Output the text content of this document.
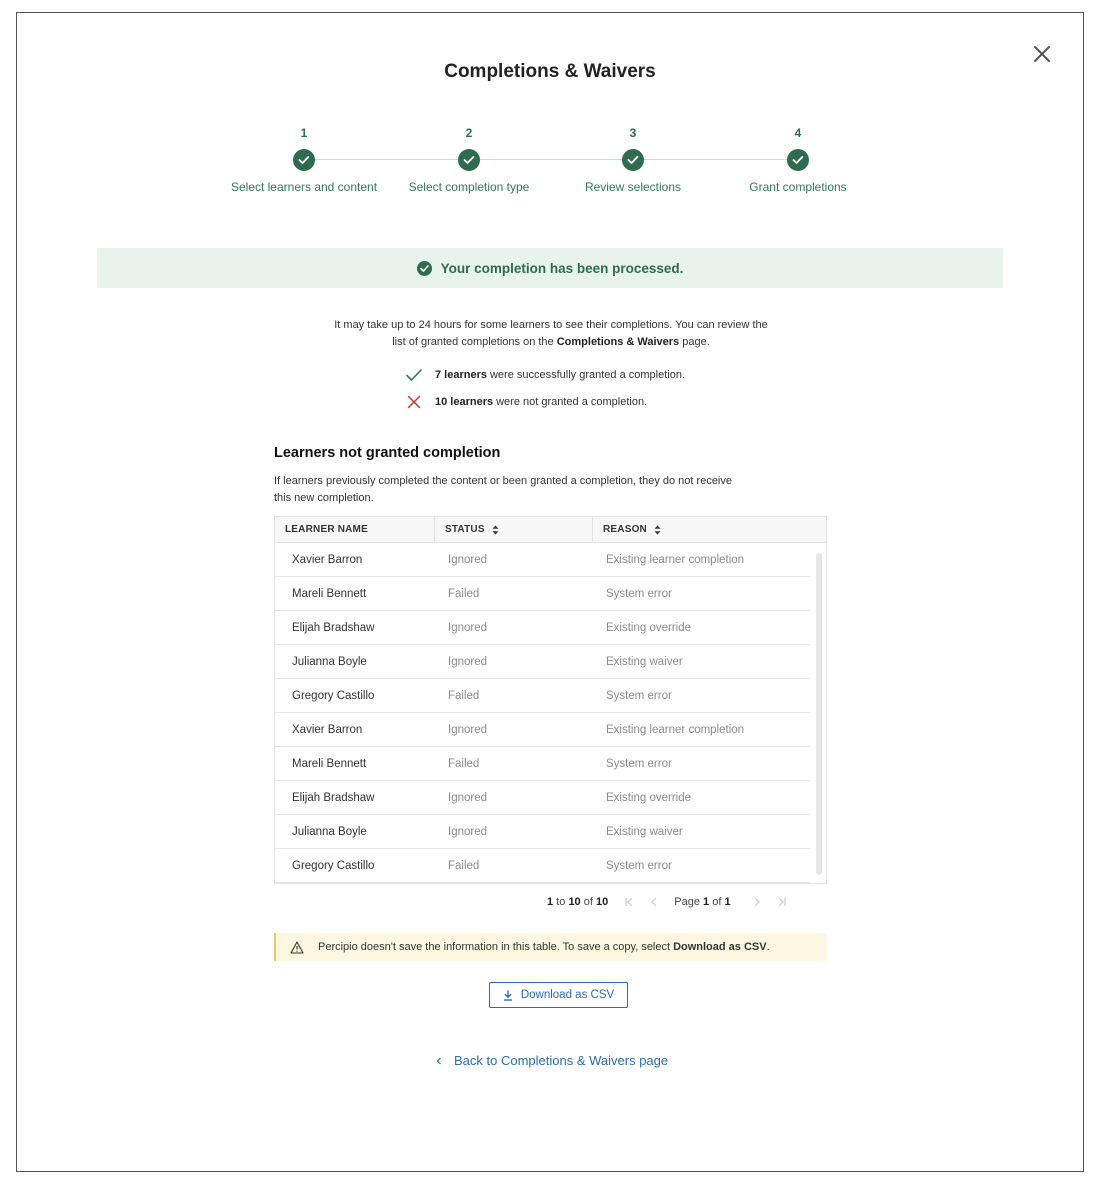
Completions & Waivers
1
Select learners and content
2
Select completion type
3
Review selections
4
Grant completions
Your completion has been processed.
It may take up to 24 hours for some learners to see their completions. You can review the
list of granted completions on the Completions & Waivers page.
7 learners were successfully granted a completion.
10 learners were not granted a completion.
Learners not granted completion
If learners previously completed the content or been granted a completion, they do not receive this new completion.
LEARNER NAME	STATUS	REASON
Xavier Barron	Ignored	Existing learner completion
Mareli Bennett	Failed	System error
Elijah Bradshaw	Ignored	Existing override
Julianna Boyle	Ignored	Existing waiver
Gregory Castillo	Failed	System error
Xavier Barron	Ignored	Existing learner completion
Mareli Bennett	Failed	System error
Elijah Bradshaw	Ignored	Existing override
Julianna Boyle	Ignored	Existing waiver
Gregory Castillo	Failed	System error
1 to 10 of 10	Page 1 of 1
Percipio doesn't save the information in this table. To save a copy, select Download as CSV .
Download as CSV
Back to Completions & Waivers page
